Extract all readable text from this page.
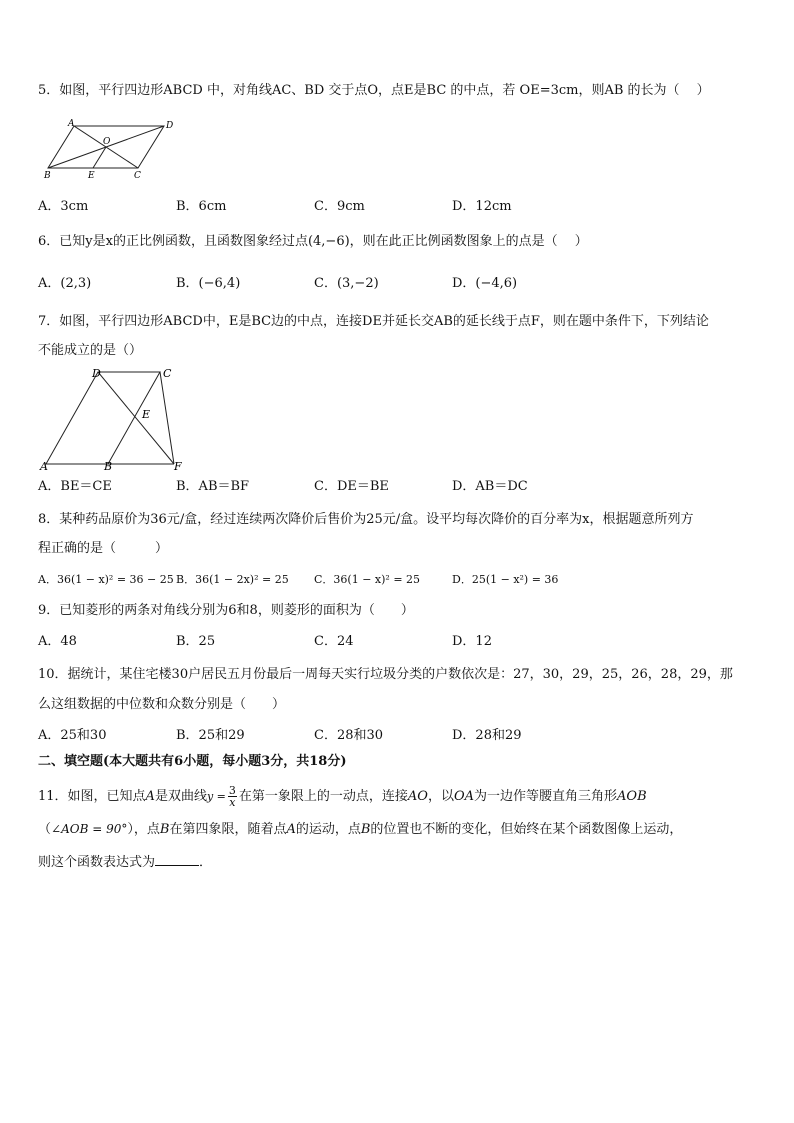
5．如图，平行四边形ABCD 中，对角线AC、BD 交于点O，点E是BC 的中点，若 OE=3cm，则AB 的长为（　 ）
A	D
O
B	E	C
A．3cm	B．6cm	C．9cm	D．12cm
6．已知y是x的正比例函数，且函数图象经过点(4,−6)，则在此正比例函数图象上的点是（　 ）
A．(2,3)	B．(−6,4)	C．(3,−2)	D．(−4,6)
7．如图，平行四边形ABCD中，E是BC边的中点，连接DE并延长交AB的延长线于点F，则在题中条件下，下列结论
不能成立的是（）
D	C
E
A	B	F
A．BE＝CE	B．AB＝BF	C．DE＝BE	D．AB＝DC
8．某种药品原价为36元/盒，经过连续两次降价后售价为25元/盒。设平均每次降价的百分率为x，根据题意所列方
程正确的是（　　　）
A．36(1 − x)² = 36 − 25 B．36(1 − 2x)² = 25 C．36(1 − x)² = 25	D．25(1 − x²) = 36
9．已知菱形的两条对角线分别为6和8，则菱形的面积为（　　）
A．48	B．25	C．24	D．12
10．据统计，某住宅楼30户居民五月份最后一周每天实行垃圾分类的户数依次是：27，30，29，25，26，28，29，那
么这组数据的中位数和众数分别是（　　）
A．25和30	B．25和29	C．28和30	D．28和29
二、填空题(本大题共有6小题，每小题3分，共18分)
11．如图，已知点A是双曲线$y = \frac{3}{x}$ 在第一象限上的一动点，连接AO，以OA为一边作等腰直角三角形AOB
（∠AOB = 90°），点B在第四象限，随着点A的运动，点B的位置也不断的变化，但始终在某个函数图像上运动，
则这个函数表达式为	．
